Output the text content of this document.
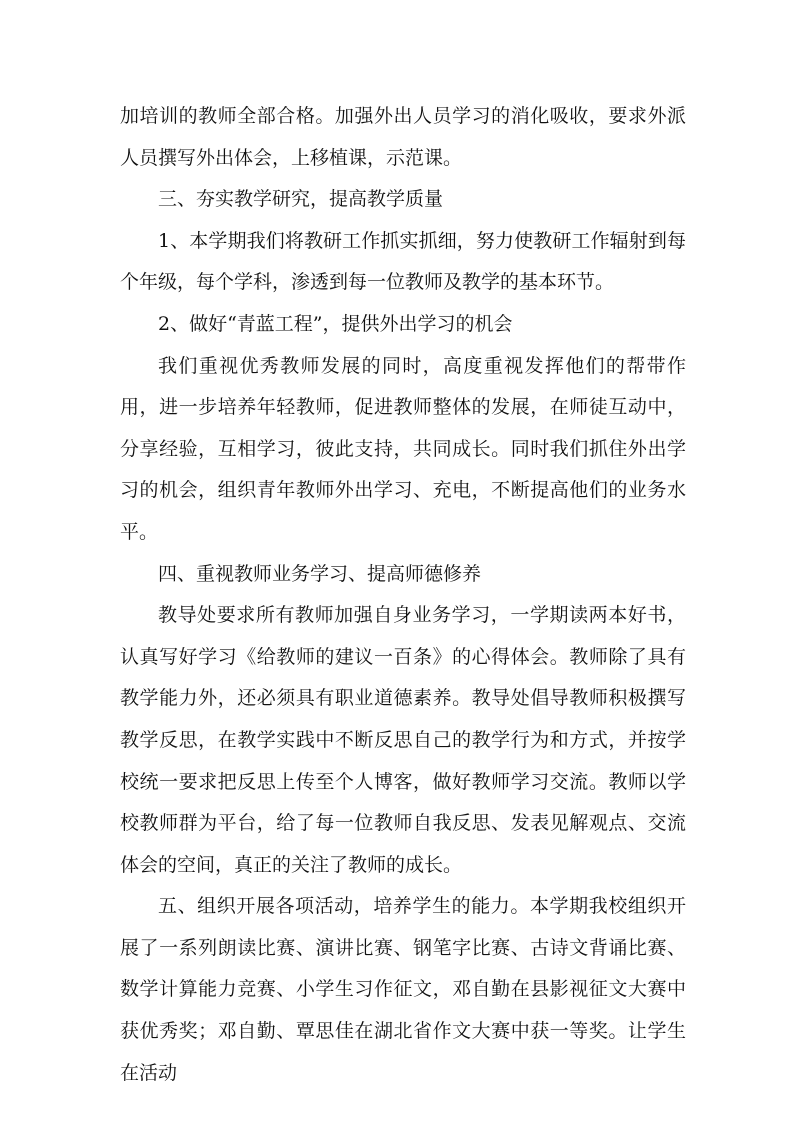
加培训的教师全部合格。加强外出人员学习的消化吸收，要求外派人员撰写外出体会，上移植课，示范课。

三、夯实教学研究，提高教学质量

1、本学期我们将教研工作抓实抓细，努力使教研工作辐射到每个年级，每个学科，渗透到每一位教师及教学的基本环节。

2、做好“青蓝工程”，提供外出学习的机会

我们重视优秀教师发展的同时，高度重视发挥他们的帮带作用，进一步培养年轻教师，促进教师整体的发展，在师徒互动中，分享经验，互相学习，彼此支持，共同成长。同时我们抓住外出学习的机会，组织青年教师外出学习、充电，不断提高他们的业务水平。

四、重视教师业务学习、提高师德修养

教导处要求所有教师加强自身业务学习，一学期读两本好书，认真写好学习《给教师的建议一百条》的心得体会。教师除了具有教学能力外，还必须具有职业道德素养。教导处倡导教师积极撰写教学反思，在教学实践中不断反思自己的教学行为和方式，并按学校统一要求把反思上传至个人博客，做好教师学习交流。教师以学校教师群为平台，给了每一位教师自我反思、发表见解观点、交流体会的空间，真正的关注了教师的成长。

五、组织开展各项活动，培养学生的能力。本学期我校组织开展了一系列朗读比赛、演讲比赛、钢笔字比赛、古诗文背诵比赛、数学计算能力竞赛、小学生习作征文，邓自勤在县影视征文大赛中获优秀奖；邓自勤、覃思佳在湖北省作文大赛中获一等奖。让学生在活动
